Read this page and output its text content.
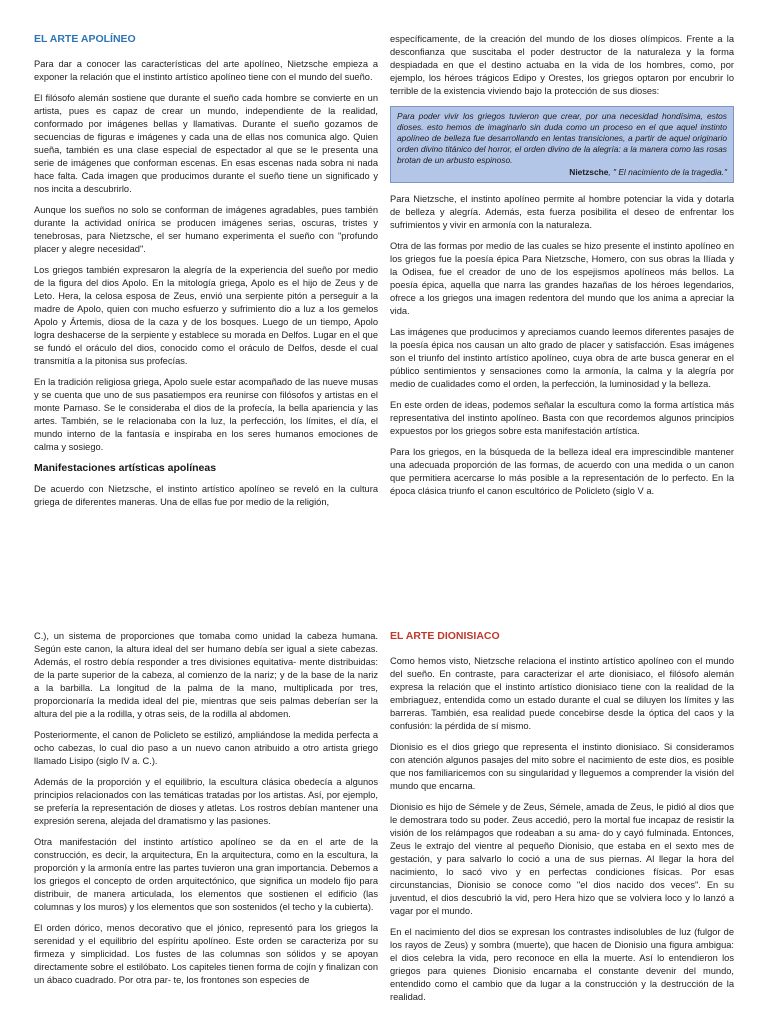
EL ARTE APOLÍNEO

Para dar a conocer las características del arte apolíneo, Nietzsche empieza a exponer la relación que el instinto artístico apolíneo tiene con el mundo del sueño.

El filósofo alemán sostiene que durante el sueño cada hombre se convierte en un artista, pues es capaz de crear un mundo, independiente de la realidad, conformado por imágenes bellas y llamativas. Durante el sueño gozamos de secuencias de figuras e imágenes y cada una de ellas nos comunica algo. Quien sueña, también es una clase especial de espectador al que se le presenta una serie de imágenes que conforman escenas. En esas escenas nada sobra ni nada hace falta. Cada imagen que producimos durante el sueño tiene un significado y nos incita a descubrirlo.

Aunque los sueños no solo se conforman de imágenes agradables, pues también durante la actividad onírica se producen imágenes serias, oscuras, tristes y tenebrosas, para Nietzsche, el ser humano experimenta el sueño con "profundo placer y alegre necesidad".

Los griegos también expresaron la alegría de la experiencia del sueño por medio de la figura del dios Apolo. En la mitología griega, Apolo es el hijo de Zeus y de Leto. Hera, la celosa esposa de Zeus, envió una serpiente pitón a perseguir a la madre de Apolo, quien con mucho esfuerzo y sufrimiento dio a luz a los gemelos Apolo y Ártemis, diosa de la caza y de los bosques. Luego de un tiempo, Apolo logra deshacerse de la serpiente y establece su morada en Delfos. Lugar en el que se fundó el oráculo del dios, conocido como el oráculo de Delfos, desde el cual transmitía a la pitonisa sus profecías.

En la tradición religiosa griega, Apolo suele estar acompañado de las nueve musas y se cuenta que uno de sus pasatiempos era reunirse con filósofos y artistas en el monte Parnaso. Se le consideraba el dios de la profecía, la bella apariencia y las artes. También, se le relacionaba con la luz, la perfección, los límites, el día, el mundo interno de la fantasía e inspiraba en los seres humanos emociones de calma y sosiego.

Manifestaciones artísticas apolíneas

De acuerdo con Nietzsche, el instinto artístico apolíneo se reveló en la cultura griega de diferentes maneras. Una de ellas fue por medio de la religión,

específicamente, de la creación del mundo de los dioses olímpicos. Frente a la desconfianza que suscitaba el poder destructor de la naturaleza y la forma despiadada en que el destino actuaba en la vida de los hombres, como, por ejemplo, los héroes trágicos Edipo y Orestes, los griegos optaron por encubrir lo terrible de la existencia viviendo bajo la protección de sus dioses:

Para poder vivir los griegos tuvieron que crear, por una necesidad hondísima, estos dioses. esto hemos de imaginarlo sin duda como un proceso en el que aquel instinto apolíneo de belleza fue desarrollando en lentas transiciones, a partir de aquel originario orden divino titánico del horror, el orden divino de la alegría: a la manera como las rosas brotan de un arbusto espinoso.
Nietzsche, " El nacimiento de la tragedia."

Para Nietzsche, el instinto apolíneo permite al hombre potenciar la vida y dotarla de belleza y alegría. Además, esta fuerza posibilita el deseo de enfrentar los sufrimientos y vivir en armonía con la naturaleza.

Otra de las formas por medio de las cuales se hizo presente el instinto apolíneo en los griegos fue la poesía épica Para Nietzsche, Homero, con sus obras la Ilíada y la Odisea, fue el creador de uno de los espejismos apolíneos más bellos. La poesía épica, aquella que narra las grandes hazañas de los héroes legendarios, ofrece a los griegos una imagen redentora del mundo que los anima a apreciar la vida.

Las imágenes que producimos y apreciamos cuando leemos diferentes pasajes de la poesía épica nos causan un alto grado de placer y satisfacción. Esas imágenes son el triunfo del instinto artístico apolíneo, cuya obra de arte busca generar en el público sentimientos y sensaciones como la armonía, la calma y la alegría por medio de cualidades como el orden, la perfección, la luminosidad y la belleza.

En este orden de ideas, podemos señalar la escultura como la forma artística más representativa del instinto apolíneo. Basta con que recordemos algunos principios expuestos por los griegos sobre esta manifestación artística.

Para los griegos, en la búsqueda de la belleza ideal era imprescindible mantener una adecuada proporción de las formas, de acuerdo con una medida o un canon que permitiera acercarse lo más posible a la representación de lo perfecto. En la época clásica triunfo el canon escultórico de Policleto (siglo V a.

C.), un sistema de proporciones que tomaba como unidad la cabeza humana. Según este canon, la altura ideal del ser humano debía ser igual a siete cabezas. Además, el rostro debía responder a tres divisiones equitativa- mente distribuidas: de la parte superior de la cabeza, al comienzo de la nariz; y de la base de la nariz a la barbilla. La longitud de la palma de la mano, multiplicada por tres, proporcionaría la medida ideal del pie, mientras que seis palmas deberían ser la altura del pie a la rodilla, y otras seis, de la rodilla al abdomen.

Posteriormente, el canon de Policleto se estilizó, ampliándose la medida perfecta a ocho cabezas, lo cual dio paso a un nuevo canon atribuido a otro artista griego llamado Lisipo (siglo IV a. C.).

Además de la proporción y el equilibrio, la escultura clásica obedecía a algunos principios relacionados con las temáticas tratadas por los artistas. Así, por ejemplo, se prefería la representación de dioses y atletas. Los rostros debían mantener una expresión serena, alejada del dramatismo y las pasiones.

Otra manifestación del instinto artístico apolíneo se da en el arte de la construcción, es decir, la arquitectura, En la arquitectura, como en la escultura, la proporción y la armonía entre las partes tuvieron una gran importancia. Debemos a los griegos el concepto de orden arquitectónico, que significa un modelo fijo para distribuir, de manera articulada, los elementos que sostienen el edificio (las columnas y los muros) y los elementos que son sostenidos (el techo y la cubierta).

El orden dórico, menos decorativo que el jónico, representó para los griegos la serenidad y el equilibrio del espíritu apolíneo. Este orden se caracteriza por su firmeza y simplicidad. Los fustes de las columnas son sólidos y se apoyan directamente sobre el estilóbato. Los capiteles tienen forma de cojín y finalizan con un ábaco cuadrado. Por otra par- te, los frontones son especies de

EL ARTE DIONISIACO

Como hemos visto, Nietzsche relaciona el instinto artístico apolíneo con el mundo del sueño. En contraste, para caracterizar el arte dionisiaco, el filósofo alemán expresa la relación que el instinto artístico dionisiaco tiene con la realidad de la embriaguez, entendida como un estado durante el cual se diluyen los límites y las barreras. También, esa realidad puede concebirse desde la óptica del caos y la confusión: la pérdida de sí mismo.

Dionisio es el dios griego que representa el instinto dionisiaco. Si consideramos con atención algunos pasajes del mito sobre el nacimiento de este dios, es posible que nos familiaricemos con su singularidad y lleguemos a comprender la visión del mundo que encarna.

Dionisio es hijo de Sémele y de Zeus, Sémele, amada de Zeus, le pidió al dios que le demostrara todo su poder. Zeus accedió, pero la mortal fue incapaz de resistir la visión de los relámpagos que rodeaban a su ama- do y cayó fulminada. Entonces, Zeus le extrajo del vientre al pequeño Dionisio, que estaba en el sexto mes de gestación, y para salvarlo lo coció a una de sus piernas. Al llegar la hora del nacimiento, lo sacó vivo y en perfectas condiciones físicas. Por esas circunstancias, Dionisio se conoce como "el dios nacido dos veces". En su juventud, el dios descubrió la vid, pero Hera hizo que se volviera loco y lo lanzó a vagar por el mundo.

En el nacimiento del dios se expresan los contrastes indisolubles de luz (fulgor de los rayos de Zeus) y sombra (muerte), que hacen de Dionisio una figura ambigua: el dios celebra la vida, pero reconoce en ella la muerte. Así lo entendieron los griegos para quienes Dionisio encarnaba el constante devenir del mundo, entendido como el cambio que da lugar a la construcción y la destrucción de la realidad.
